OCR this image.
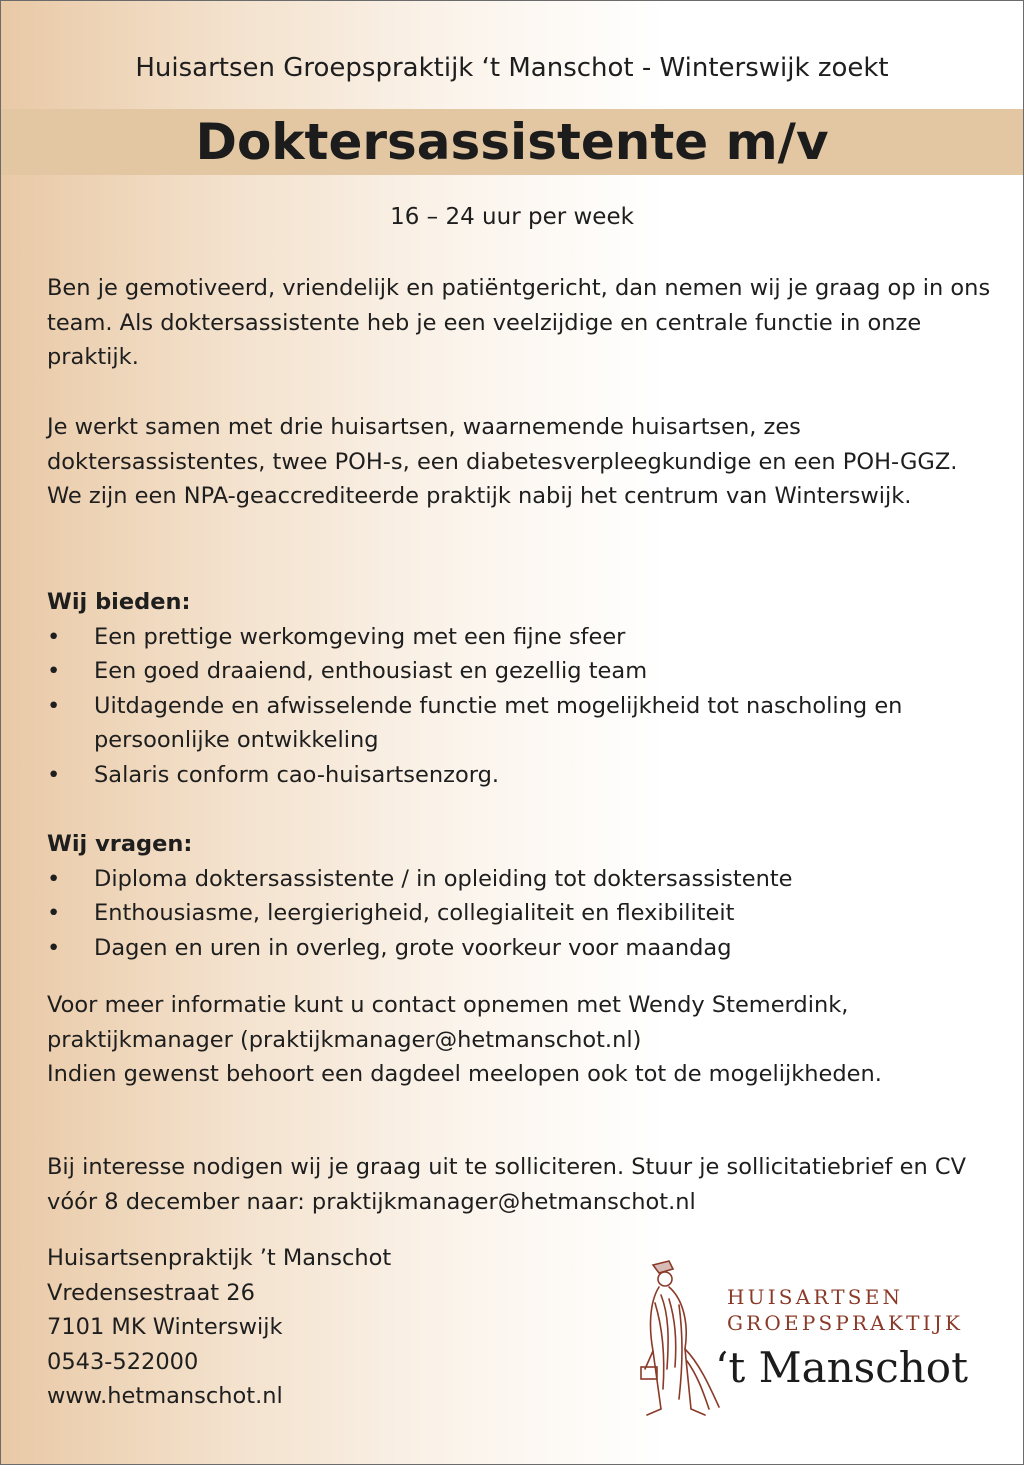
Huisartsen Groepspraktijk ‘t Manschot - Winterswijk zoekt
Doktersassistente m/v
16 – 24 uur per week

Ben je gemotiveerd, vriendelijk en patiëntgericht, dan nemen wij je graag op in ons team. Als doktersassistente heb je een veelzijdige en centrale functie in onze praktijk.

Je werkt samen met drie huisartsen, waarnemende huisartsen, zes doktersassistentes, twee POH-s, een diabetesverpleegkundige en een POH-GGZ. We zijn een NPA-geaccrediteerde praktijk nabij het centrum van Winterswijk.

Wij bieden:
• Een prettige werkomgeving met een fijne sfeer
• Een goed draaiend, enthousiast en gezellig team
• Uitdagende en afwisselende functie met mogelijkheid tot nascholing en persoonlijke ontwikkeling
• Salaris conform cao-huisartsenzorg.
Wij vragen:
• Diploma doktersassistente / in opleiding tot doktersassistente
• Enthousiasme, leergierigheid, collegialiteit en flexibiliteit
• Dagen en uren in overleg, grote voorkeur voor maandag

Voor meer informatie kunt u contact opnemen met Wendy Stemerdink,

praktijkmanager (praktijkmanager@hetmanschot.nl)

Indien gewenst behoort een dagdeel meelopen ook tot de mogelijkheden.

Bij interesse nodigen wij je graag uit te solliciteren. Stuur je sollicitatiebrief en CV vóór 8 december naar: praktijkmanager@hetmanschot.nl

Huisartsenpraktijk ’t Manschot

Vredensestraat 26

7101 MK Winterswijk

0543-522000

www.hetmanschot.nl

HUISARTSEN
GROEPSPRAKTIJK
‘t Manschot
